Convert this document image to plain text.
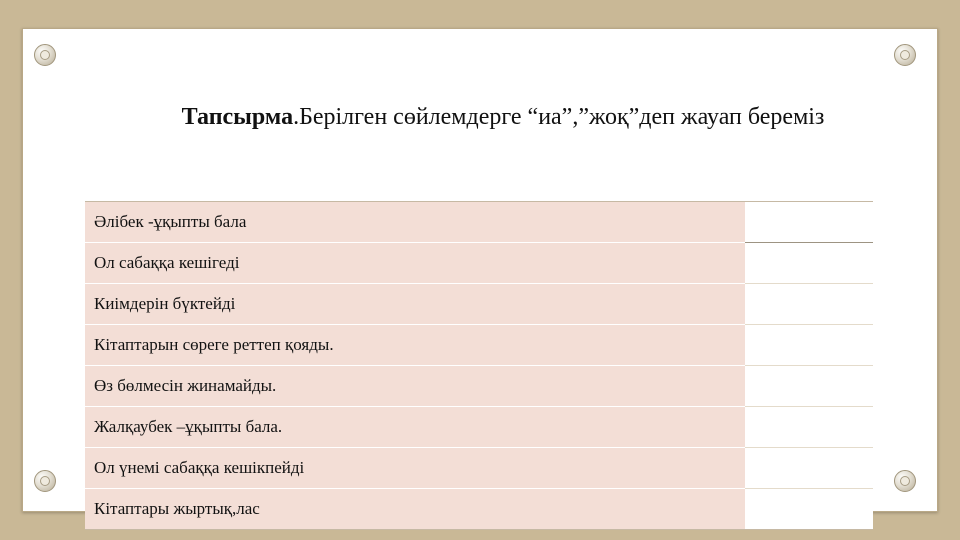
Тапсырма.Берілген сөйлемдерге “иа”,”жоқ”деп жауап береміз
Әлібек -ұқыпты бала
Ол сабаққа кешігеді
Киімдерін бүктейді
Кітаптарын сөреге реттеп қояды.
Өз бөлмесін жинамайды.
Жалқаубек –ұқыпты бала.
Ол үнемі сабаққа кешікпейді
Кітаптары жыртық,лас
